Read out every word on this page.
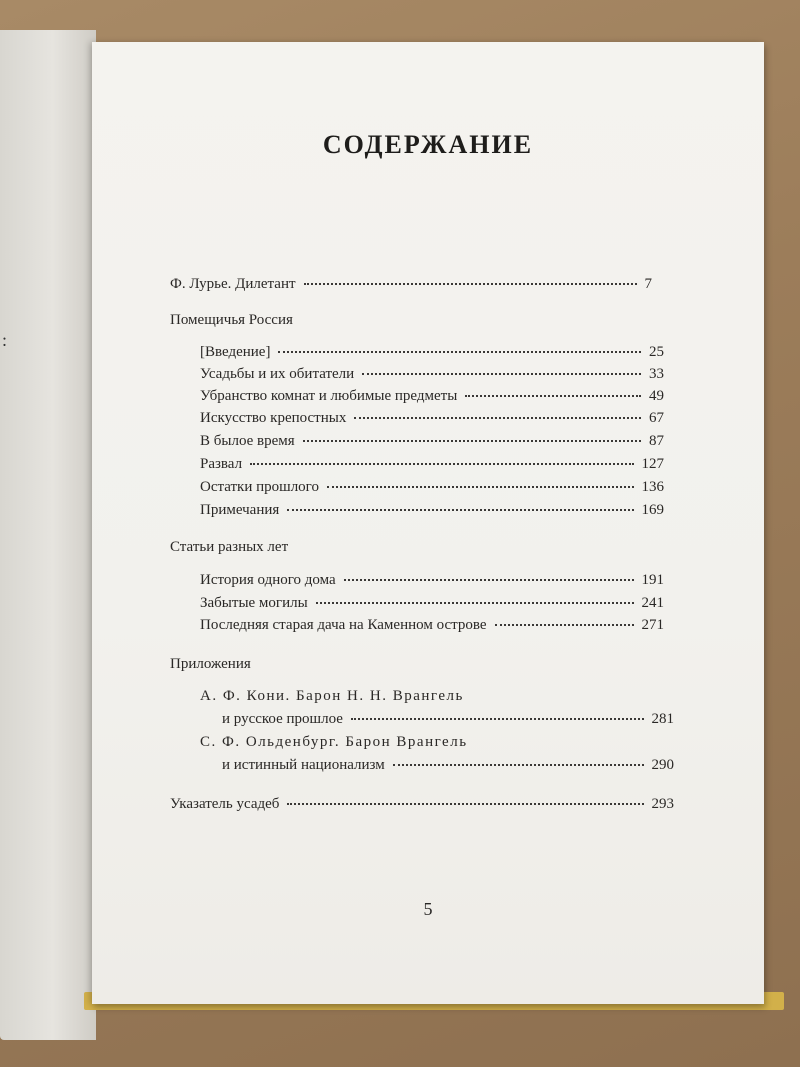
:
СОДЕРЖАНИЕ
Ф. Лурье. Дилетант	7
Помещичья Россия
[Введение]	25
Усадьбы и их обитатели	33
Убранство комнат и любимые предметы	49
Искусство крепостных	67
В былое время	87
Развал	127
Остатки прошлого	136
Примечания	169
Статьи разных лет
История одного дома	191
Забытые могилы	241
Последняя старая дача на Каменном острове	271
Приложения
А. Ф. Кони. Барон Н. Н. Врангель
и русское прошлое	281
С. Ф. Ольденбург. Барон Врангель
и истинный национализм	290
Указатель усадеб	293
5
